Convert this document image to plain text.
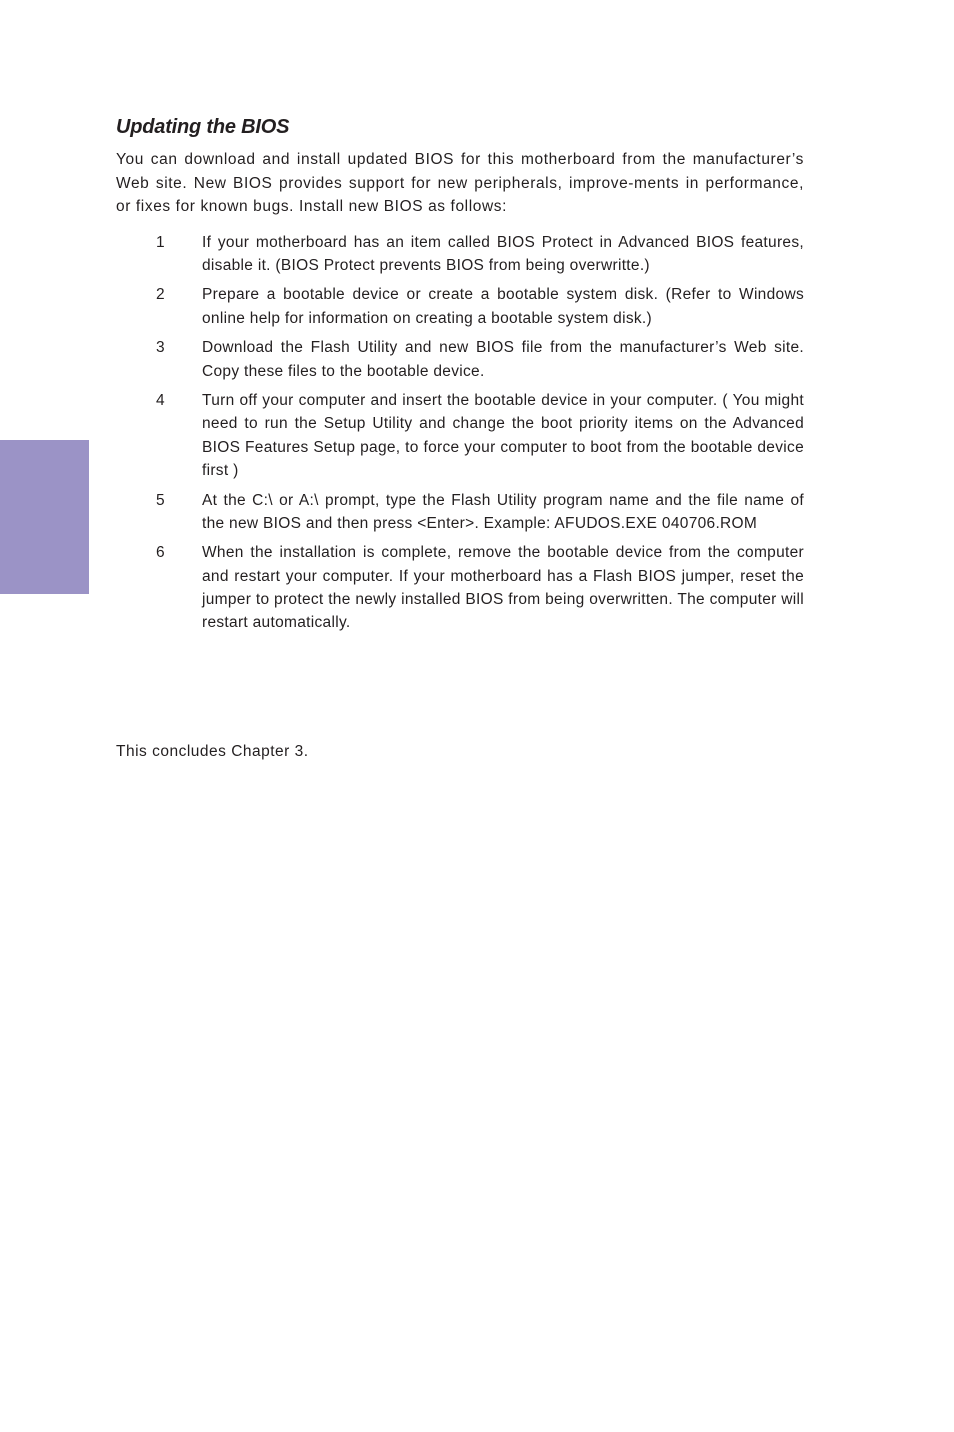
Updating the BIOS

You can download and install updated BIOS for this motherboard from the manufacturer’s Web site. New BIOS provides support for new peripherals, improve-ments in performance, or fixes for known bugs. Install new BIOS as follows:

1	If your motherboard has an item called BIOS Protect in Advanced BIOS features, disable it. (BIOS Protect prevents BIOS from being overwritte.)
2	Prepare a bootable device or create a bootable system disk. (Refer to Windows online help for information on creating a bootable system disk.)
3	Download the Flash Utility and new BIOS file from the manufacturer’s Web site. Copy these files to the bootable device.
4	Turn off your computer and insert the bootable device in your computer. ( You might need to run the Setup Utility and change the boot priority items on the Advanced BIOS Features Setup page, to force your computer to boot from the bootable device first )
5	At the C:\ or A:\ prompt, type the Flash Utility program name and the file name of the new BIOS and then press <Enter>. Example: AFUDOS.EXE 040706.ROM
6	When the installation is complete, remove the bootable device from the computer and restart your computer. If your motherboard has a Flash BIOS jumper, reset the jumper to protect the newly installed BIOS from being overwritten. The computer will restart automatically.

This concludes Chapter 3.
